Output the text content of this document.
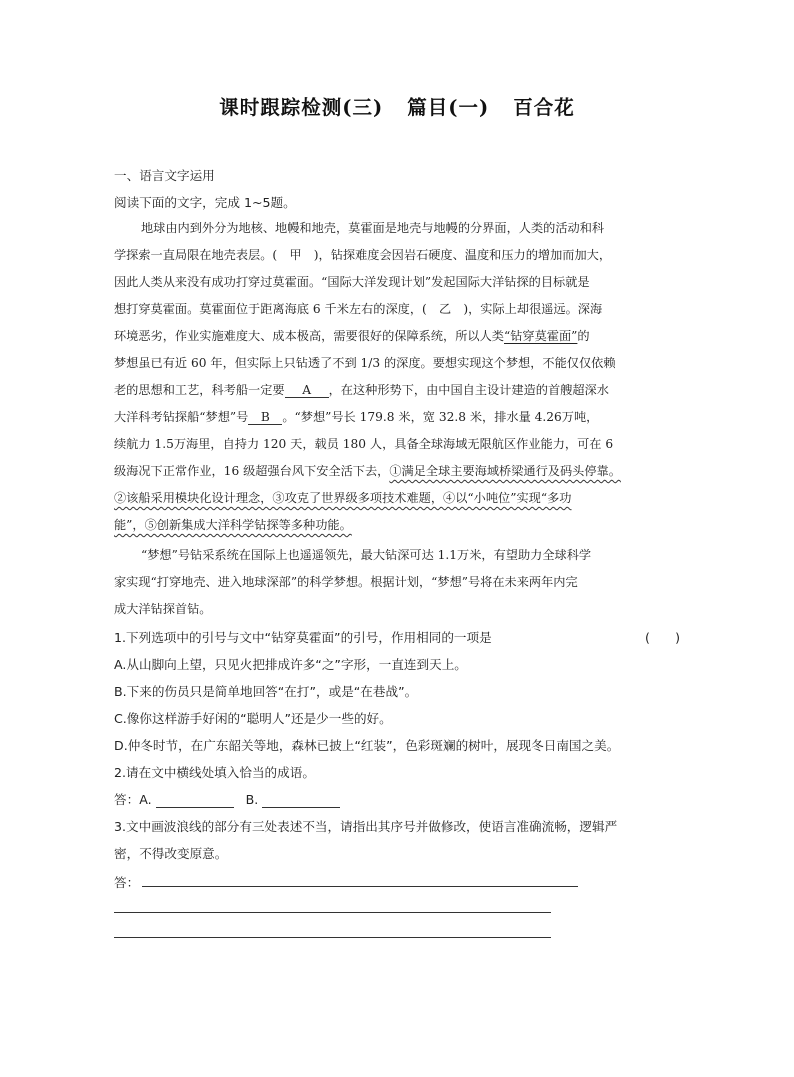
课时跟踪检测(三) 篇目(一) 百合花
一、语言文字运用
阅读下面的文字，完成 1~5题。
地球由内到外分为地核、地幔和地壳，莫霍面是地壳与地幔的分界面，人类的活动和科
学探索一直局限在地壳表层。(　甲　)，钻探难度会因岩石硬度、温度和压力的增加而加大，
因此人类从来没有成功打穿过莫霍面。“国际大洋发现计划”发起国际大洋钻探的目标就是
想打穿莫霍面。莫霍面位于距离海底 6 千米左右的深度，(　乙　)，实际上却很遥远。深海
环境恶劣，作业实施难度大、成本极高，需要很好的保障系统，所以人类“钻穿莫霍面”的
梦想虽已有近 60 年，但实际上只钻透了不到 1/3 的深度。要想实现这个梦想，不能仅仅依赖
老的思想和工艺，科考船一定要 A ，在这种形势下，由中国自主设计建造的首艘超深水
大洋科考钻探船“梦想”号 B 。“梦想”号长 179.8 米，宽 32.8 米，排水量 4.26万吨，
续航力 1.5万海里，自持力 120 天，载员 180 人，具备全球海域无限航区作业能力，可在 6
级海况下正常作业，16 级超强台风下安全活下去，①满足全球主要海域桥梁通行及码头停靠。
②该船采用模块化设计理念，③攻克了世界级多项技术难题，④以“小吨位”实现“多功
能”，⑤创新集成大洋科学钻探等多种功能。
“梦想”号钻采系统在国际上也遥遥领先，最大钻深可达 1.1万米，有望助力全球科学
家实现“打穿地壳、进入地球深部”的科学梦想。根据计划，“梦想”号将在未来两年内完
成大洋钻探首钻。
1.下列选项中的引号与文中“钻穿莫霍面”的引号，作用相同的一项是	(　　)
A.从山脚向上望，只见火把排成许多“之”字形，一直连到天上。
B.下来的伤员只是简单地回答“在打”，或是“在巷战”。
C.像你这样游手好闲的“聪明人”还是少一些的好。
D.仲冬时节，在广东韶关等地，森林已披上“红装”，色彩斑斓的树叶，展现冬日南国之美。
2.请在文中横线处填入恰当的成语。
答：A.	B.
3.文中画波浪线的部分有三处表述不当，请指出其序号并做修改，使语言准确流畅，逻辑严
密，不得改变原意。
答：
